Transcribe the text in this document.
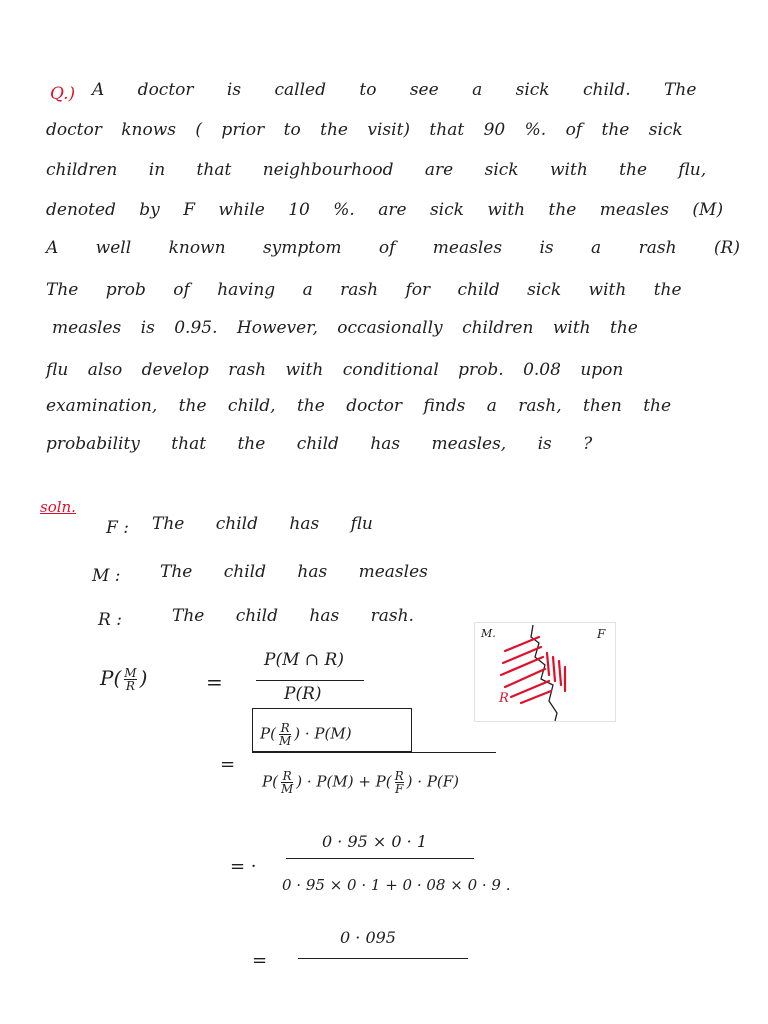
Q.) A doctor is called to see a sick child. The
doctor knows ( prior to the visit) that 90 %. of the sick
children in that neighbourhood are sick with the flu,
denoted by F while 10 %. are sick with the measles (M)
A well known symptom of measles is a rash (R)
The prob of having a rash for child sick with the
measles is 0.95. However, occasionally children with the
flu also develop rash with conditional prob. 0.08 upon
examination, the child, the doctor finds a rash, then the
probability that the child has measles, is ?
soln.
F : The child has flu
M : The child has measles
R :	The child has rash.
$P( \frac{M}{R}$ )	=
P(M ∩ R)
P(R)
$P( \frac{R}{M}$ ) · P(M)
=
$P( \frac{R}{M}$ ) · $P(M) + P( \frac{R}{F}$ ) · P(F)
0 · 95 × 0 · 1
= ·
0 · 95 × 0 · 1 + 0 · 08 × 0 · 9 .
0 · 095
=
M.	F
R
